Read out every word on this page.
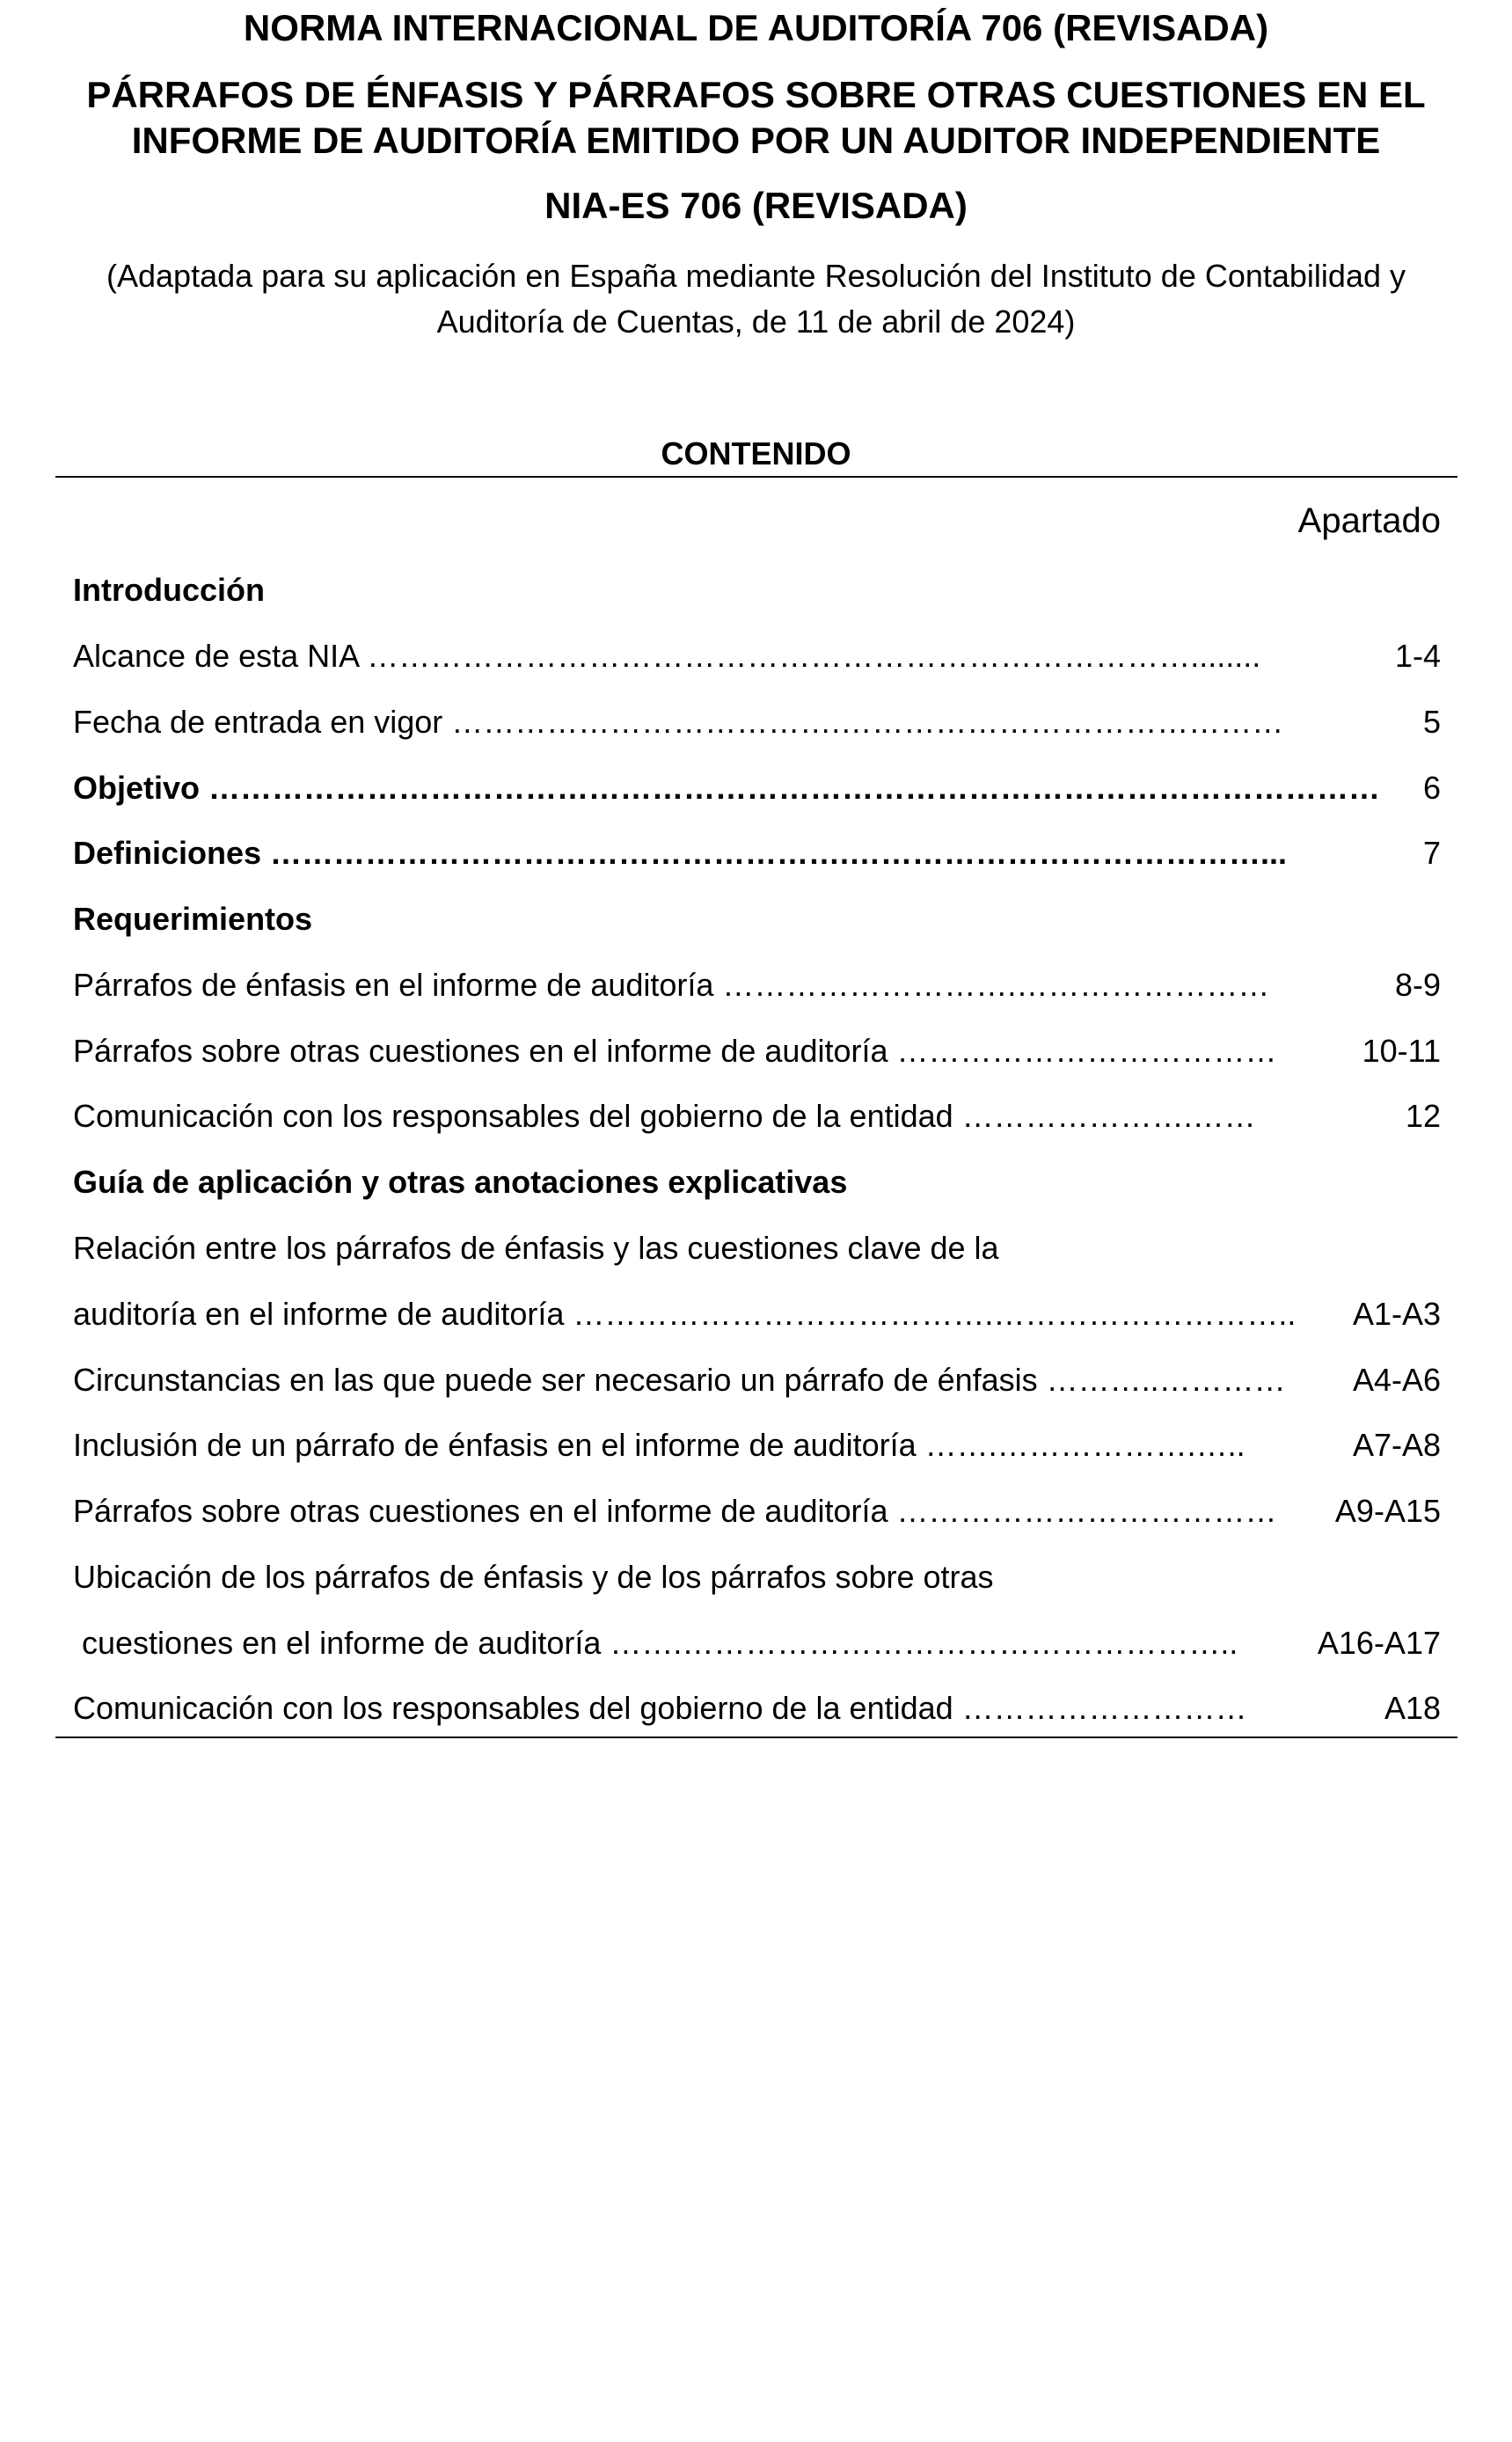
NORMA INTERNACIONAL DE AUDITORÍA 706 (REVISADA)
PÁRRAFOS DE ÉNFASIS Y PÁRRAFOS SOBRE OTRAS CUESTIONES EN EL
INFORME DE AUDITORÍA EMITIDO POR UN AUDITOR INDEPENDIENTE
NIA-ES 706 (REVISADA)
(Adaptada para su aplicación en España mediante Resolución del Instituto de Contabilidad y
Auditoría de Cuentas, de 11 de abril de 2024)
CONTENIDO
Apartado
Introducción
Alcance de esta NIA ……………………………………………………………………........	1-4
Fecha de entrada en vigor ……………………………….……………………………………	5
Objetivo ………………………………………………………………………………………………… 6
Definiciones ……………………………………………….…………………………………...	7
Requerimientos
Párrafos de énfasis en el informe de auditoría ……………………….……………………	8-9
Párrafos sobre otras cuestiones en el informe de auditoría ………………………………	10-11
Comunicación con los responsables del gobierno de la entidad ………………….……	12
Guía de aplicación y otras anotaciones explicativas
Relación entre los párrafos de énfasis y las cuestiones clave de la
auditoría en el informe de auditoría ………………………………….……………………….. A1-A3
Circunstancias en las que puede ser necesario un párrafo de énfasis ………..………… A4-A6
Inclusión de un párrafo de énfasis en el informe de auditoría …….……………….…..	A7-A8
Párrafos sobre otras cuestiones en el informe de auditoría ……………………………… A9-A15
Ubicación de los párrafos de énfasis y de los párrafos sobre otras
cuestiones en el informe de auditoría …….……………………………………………..	A16-A17
Comunicación con los responsables del gobierno de la entidad ………………………	A18
